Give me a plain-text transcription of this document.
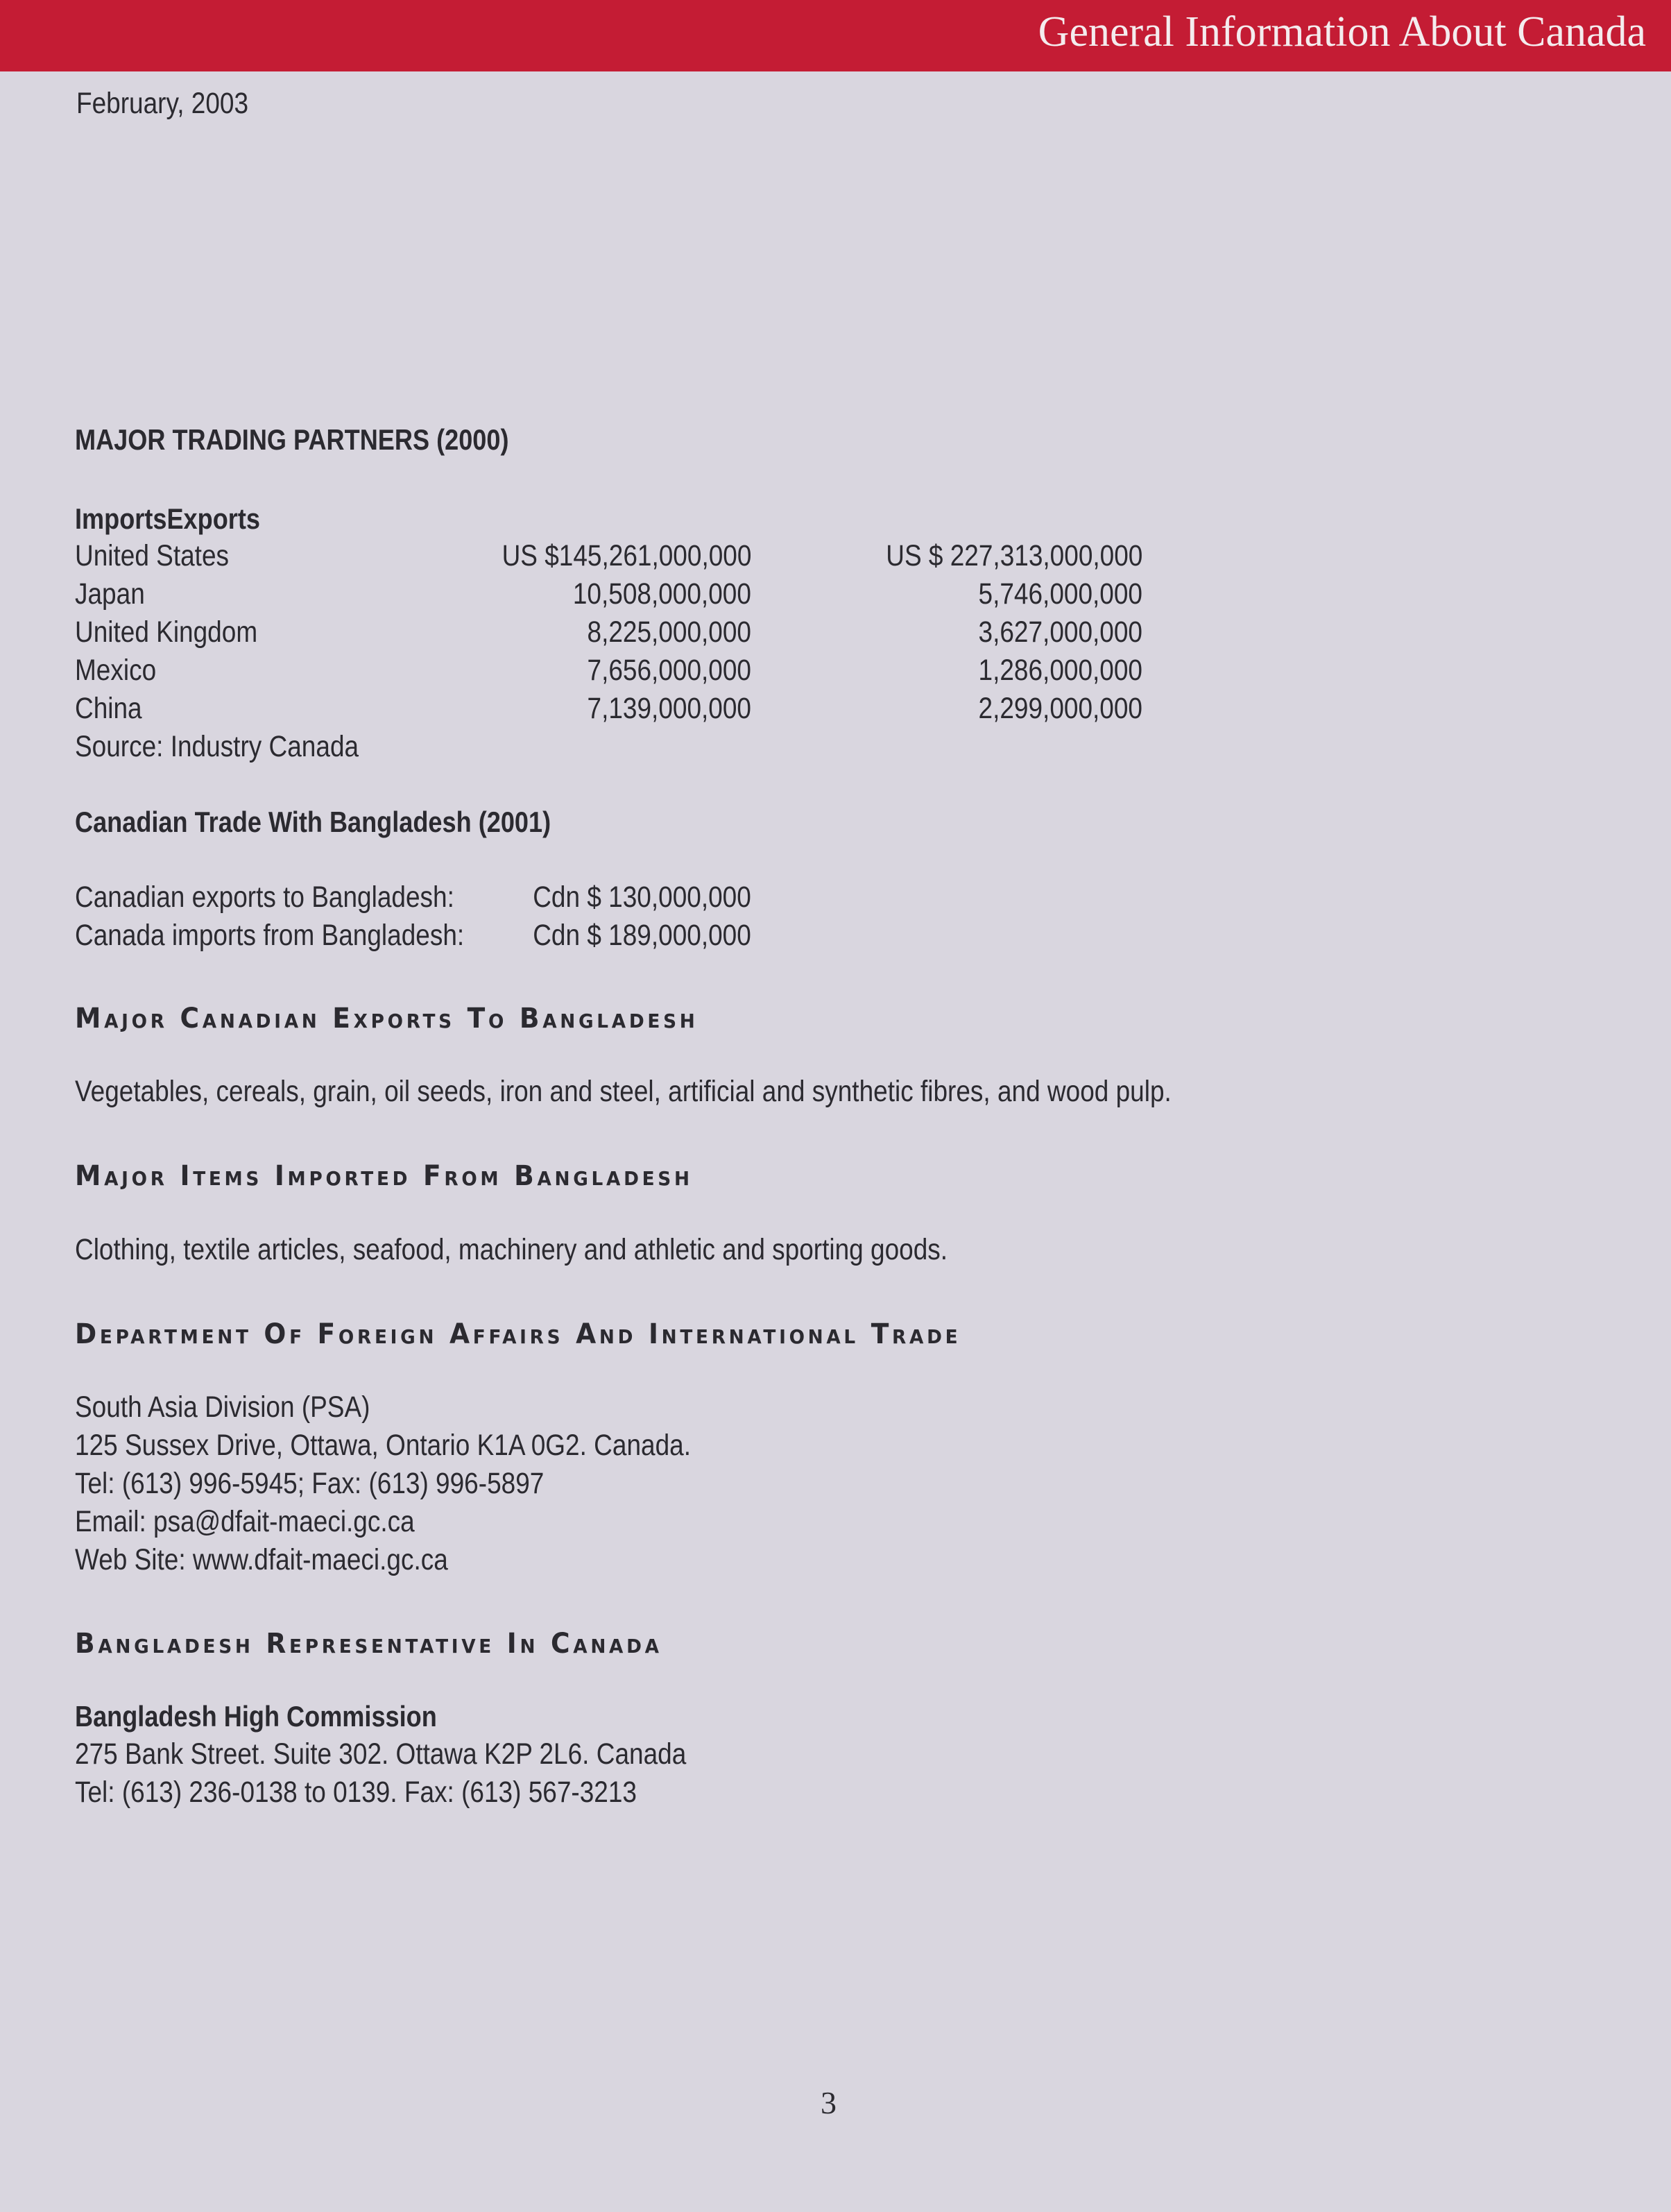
General Information About Canada
February, 2003
MAJOR TRADING PARTNERS (2000)
ImportsExports
United States
Japan
United Kingdom
Mexico
China
US $145,261,000,000
10,508,000,000
8,225,000,000
7,656,000,000
7,139,000,000
US $ 227,313,000,000
5,746,000,000
3,627,000,000
1,286,000,000
2,299,000,000
Source: Industry Canada
Canadian Trade With Bangladesh (2001)
Canadian exports to Bangladesh:
Canada imports from Bangladesh:
Cdn $ 130,000,000
Cdn $ 189,000,000
Major Canadian Exports To Bangladesh
Vegetables, cereals, grain, oil seeds, iron and steel, artificial and synthetic fibres, and wood pulp.
Major Items Imported From Bangladesh
Clothing, textile articles, seafood, machinery and athletic and sporting goods.
Department Of Foreign Affairs And International Trade
South Asia Division (PSA)
125 Sussex Drive, Ottawa, Ontario K1A 0G2. Canada.
Tel: (613) 996-5945; Fax: (613) 996-5897
Email: psa@dfait-maeci.gc.ca
Web Site: www.dfait-maeci.gc.ca
Bangladesh Representative In Canada
Bangladesh High Commission
275 Bank Street. Suite 302. Ottawa K2P 2L6. Canada
Tel: (613) 236-0138 to 0139. Fax: (613) 567-3213
3
